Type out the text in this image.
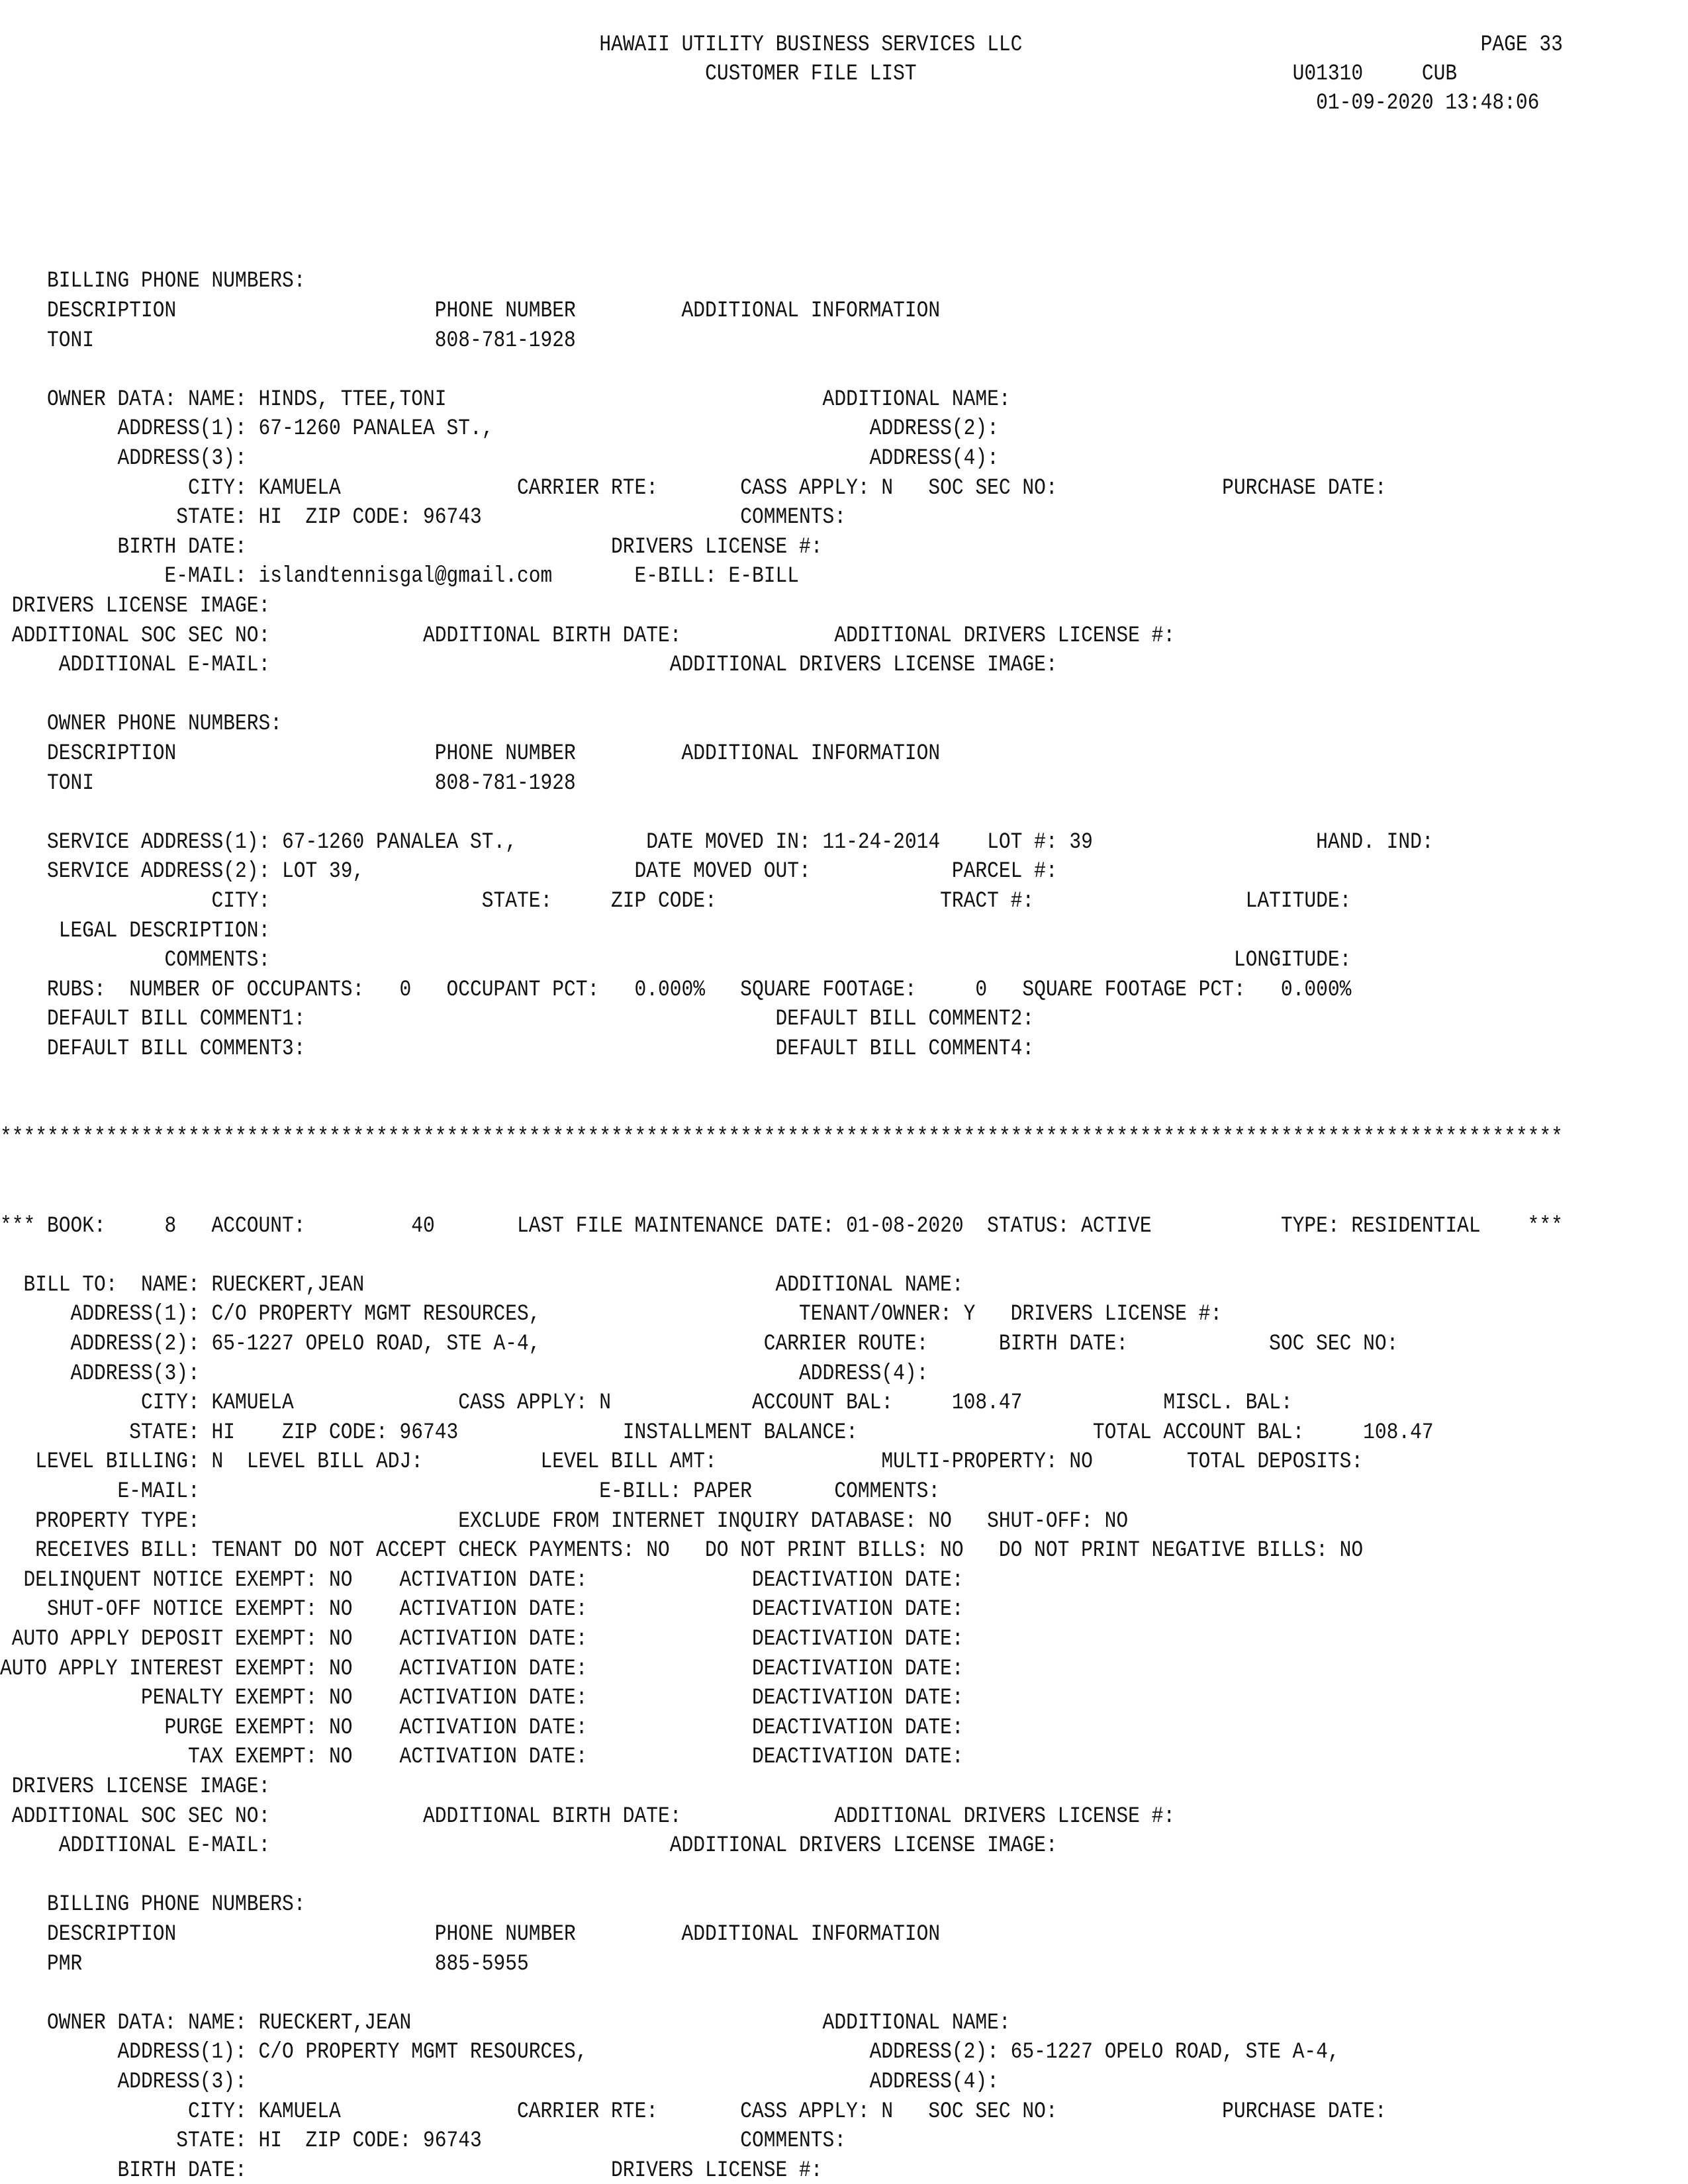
HAWAII UTILITY BUSINESS SERVICES LLC	PAGE 33

CUSTOMER FILE LIST	U01310	CUB

01-09-2020 13:48:06

BILLING PHONE NUMBERS:
DESCRIPTION                      PHONE NUMBER         ADDITIONAL INFORMATION
TONI                             808-781-1928
OWNER DATA: NAME: HINDS, TTEE,TONI                                ADDITIONAL NAME:
ADDRESS(1): 67-1260 PANALEA ST.,                                ADDRESS(2):
ADDRESS(3):                                                     ADDRESS(4):
CITY: KAMUELA               CARRIER RTE:       CASS APPLY: N   SOC SEC NO:              PURCHASE DATE:
STATE: HI  ZIP CODE: 96743                      COMMENTS:
BIRTH DATE:                               DRIVERS LICENSE #:
E-MAIL: islandtennisgal@gmail.com       E-BILL: E-BILL
DRIVERS LICENSE IMAGE:
ADDITIONAL SOC SEC NO:             ADDITIONAL BIRTH DATE:             ADDITIONAL DRIVERS LICENSE #:
ADDITIONAL E-MAIL:                                  ADDITIONAL DRIVERS LICENSE IMAGE:
OWNER PHONE NUMBERS:
DESCRIPTION                      PHONE NUMBER         ADDITIONAL INFORMATION
TONI                             808-781-1928
SERVICE ADDRESS(1): 67-1260 PANALEA ST.,           DATE MOVED IN: 11-24-2014    LOT #: 39                   HAND. IND:
SERVICE ADDRESS(2): LOT 39,                       DATE MOVED OUT:            PARCEL #:
CITY:                  STATE:     ZIP CODE:                   TRACT #:                  LATITUDE:
LEGAL DESCRIPTION:
COMMENTS:                                                                                  LONGITUDE:
RUBS:  NUMBER OF OCCUPANTS:   0   OCCUPANT PCT:   0.000%   SQUARE FOOTAGE:     0   SQUARE FOOTAGE PCT:   0.000%
DEFAULT BILL COMMENT1:                                        DEFAULT BILL COMMENT2:
DEFAULT BILL COMMENT3:                                        DEFAULT BILL COMMENT4:
*************************************************************************************************************************************
*** BOOK:     8   ACCOUNT:         40       LAST FILE MAINTENANCE DATE: 01-08-2020  STATUS: ACTIVE           TYPE: RESIDENTIAL    ***
BILL TO:  NAME: RUECKERT,JEAN                                   ADDITIONAL NAME:
ADDRESS(1): C/O PROPERTY MGMT RESOURCES,                      TENANT/OWNER: Y   DRIVERS LICENSE #:
ADDRESS(2): 65-1227 OPELO ROAD, STE A-4,                   CARRIER ROUTE:      BIRTH DATE:            SOC SEC NO:
ADDRESS(3):                                                   ADDRESS(4):
CITY: KAMUELA              CASS APPLY: N            ACCOUNT BAL:     108.47            MISCL. BAL:
STATE: HI    ZIP CODE: 96743              INSTALLMENT BALANCE:                    TOTAL ACCOUNT BAL:     108.47
LEVEL BILLING: N  LEVEL BILL ADJ:          LEVEL BILL AMT:              MULTI-PROPERTY: NO        TOTAL DEPOSITS:
E-MAIL:                                  E-BILL: PAPER       COMMENTS:
PROPERTY TYPE:                      EXCLUDE FROM INTERNET INQUIRY DATABASE: NO   SHUT-OFF: NO
RECEIVES BILL: TENANT DO NOT ACCEPT CHECK PAYMENTS: NO   DO NOT PRINT BILLS: NO   DO NOT PRINT NEGATIVE BILLS: NO
DELINQUENT NOTICE EXEMPT: NO    ACTIVATION DATE:              DEACTIVATION DATE:
SHUT-OFF NOTICE EXEMPT: NO    ACTIVATION DATE:              DEACTIVATION DATE:
AUTO APPLY DEPOSIT EXEMPT: NO    ACTIVATION DATE:              DEACTIVATION DATE:
AUTO APPLY INTEREST EXEMPT: NO    ACTIVATION DATE:              DEACTIVATION DATE:
PENALTY EXEMPT: NO    ACTIVATION DATE:              DEACTIVATION DATE:
PURGE EXEMPT: NO    ACTIVATION DATE:              DEACTIVATION DATE:
TAX EXEMPT: NO    ACTIVATION DATE:              DEACTIVATION DATE:
DRIVERS LICENSE IMAGE:
ADDITIONAL SOC SEC NO:             ADDITIONAL BIRTH DATE:             ADDITIONAL DRIVERS LICENSE #:
ADDITIONAL E-MAIL:                                  ADDITIONAL DRIVERS LICENSE IMAGE:
BILLING PHONE NUMBERS:
DESCRIPTION                      PHONE NUMBER         ADDITIONAL INFORMATION
PMR                              885-5955
OWNER DATA: NAME: RUECKERT,JEAN                                   ADDITIONAL NAME:
ADDRESS(1): C/O PROPERTY MGMT RESOURCES,                        ADDRESS(2): 65-1227 OPELO ROAD, STE A-4,
ADDRESS(3):                                                     ADDRESS(4):
CITY: KAMUELA               CARRIER RTE:       CASS APPLY: N   SOC SEC NO:              PURCHASE DATE:
STATE: HI  ZIP CODE: 96743                      COMMENTS:
BIRTH DATE:                               DRIVERS LICENSE #:
